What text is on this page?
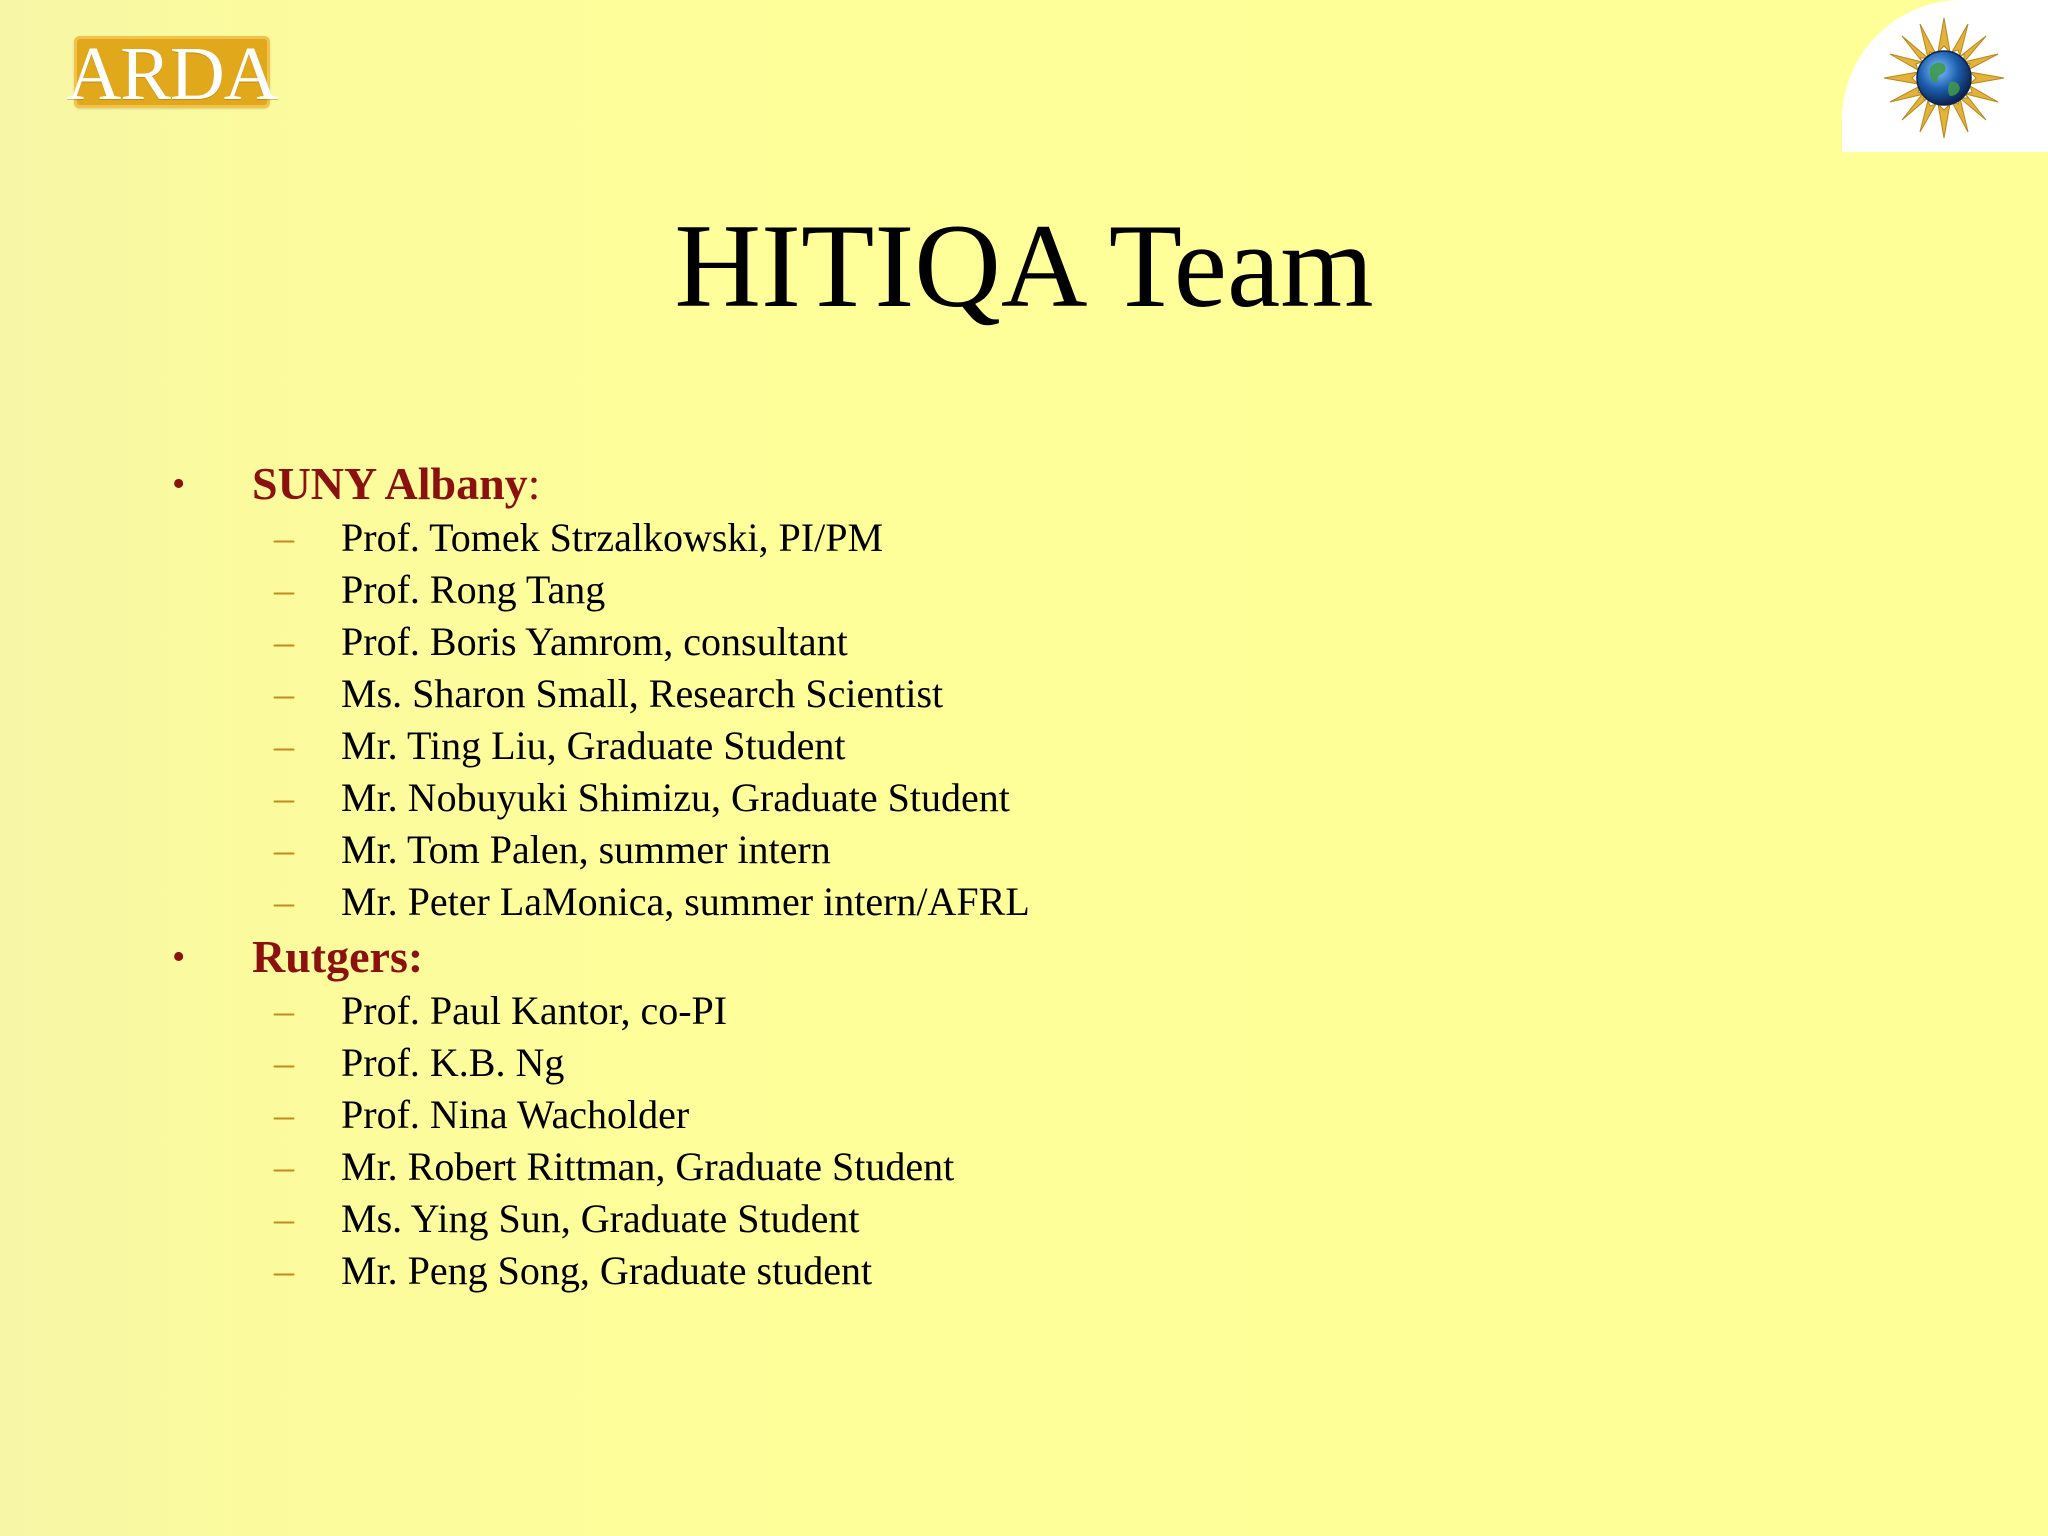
ARDA
HITIQA Team
• SUNY Albany:
– Prof. Tomek Strzalkowski, PI/PM
– Prof. Rong Tang
– Prof. Boris Yamrom, consultant
– Ms. Sharon Small, Research Scientist
– Mr. Ting Liu, Graduate Student
– Mr. Nobuyuki Shimizu, Graduate Student
– Mr. Tom Palen, summer intern
– Mr. Peter LaMonica, summer intern/AFRL
• Rutgers:
– Prof. Paul Kantor, co-PI
– Prof. K.B. Ng
– Prof. Nina Wacholder
– Mr. Robert Rittman, Graduate Student
– Ms. Ying Sun, Graduate Student
– Mr. Peng Song, Graduate student
